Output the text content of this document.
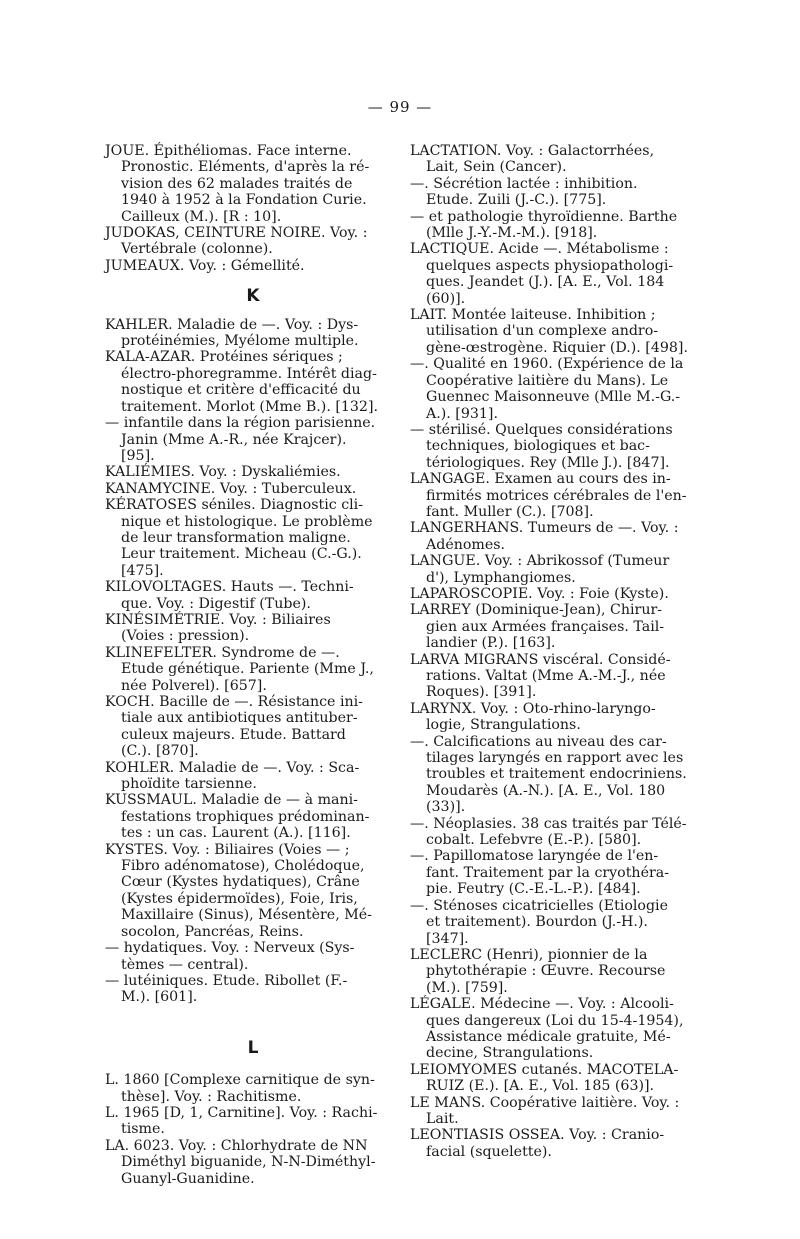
— 99 —
JOUE. Épithéliomas. Face interne.
Pronostic. Eléments, d'après la ré-
vision des 62 malades traités de
1940 à 1952 à la Fondation Curie.
Cailleux (M.). [R : 10].
JUDOKAS, CEINTURE NOIRE. Voy. :
Vertébrale (colonne).
JUMEAUX. Voy. : Gémellité.
K
KAHLER. Maladie de —. Voy. : Dys-
protéinémies, Myélome multiple.
KALA-AZAR. Protéines sériques ;
électro-phoregramme. Intérêt diag-
nostique et critère d'efficacité du
traitement. Morlot (Mme B.). [132].
— infantile dans la région parisienne.
Janin (Mme A.-R., née Krajcer).
[95].
KALIÉMIES. Voy. : Dyskaliémies.
KANAMYCINE. Voy. : Tuberculeux.
KÉRATOSES séniles. Diagnostic cli-
nique et histologique. Le problème
de leur transformation maligne.
Leur traitement. Micheau (C.-G.).
[475].
KILOVOLTAGES. Hauts —. Techni-
que. Voy. : Digestif (Tube).
KINÉSIMÉTRIE. Voy. : Biliaires
(Voies : pression).
KLINEFELTER. Syndrome de —.
Etude génétique. Pariente (Mme J.,
née Polverel). [657].
KOCH. Bacille de —. Résistance ini-
tiale aux antibiotiques antituber-
culeux majeurs. Etude. Battard
(C.). [870].
KOHLER. Maladie de —. Voy. : Sca-
phoïdite tarsienne.
KUSSMAUL. Maladie de — à mani-
festations trophiques prédominan-
tes : un cas. Laurent (A.). [116].
KYSTES. Voy. : Biliaires (Voies — ;
Fibro adénomatose), Cholédoque,
Cœur (Kystes hydatiques), Crâne
(Kystes épidermoïdes), Foie, Iris,
Maxillaire (Sinus), Mésentère, Mé-
socolon, Pancréas, Reins.
— hydatiques. Voy. : Nerveux (Sys-
tèmes — central).
— lutéiniques. Etude. Ribollet (F.-
M.). [601].
L
L. 1860 [Complexe carnitique de syn-
thèse]. Voy. : Rachitisme.
L. 1965 [D, 1, Carnitine]. Voy. : Rachi-
tisme.
LA. 6023. Voy. : Chlorhydrate de NN
Diméthyl biguanide, N-N-Diméthyl-
Guanyl-Guanidine.
LACTATION. Voy. : Galactorrhées,
Lait, Sein (Cancer).
—. Sécrétion lactée : inhibition.
Etude. Zuili (J.-C.). [775].
— et pathologie thyroïdienne. Barthe
(Mlle J.-Y.-M.-M.). [918].
LACTIQUE. Acide —. Métabolisme :
quelques aspects physiopathologi-
ques. Jeandet (J.). [A. E., Vol. 184
(60)].
LAIT. Montée laiteuse. Inhibition ;
utilisation d'un complexe andro-
gène-œstrogène. Riquier (D.). [498].
—. Qualité en 1960. (Expérience de la
Coopérative laitière du Mans). Le
Guennec Maisonneuve (Mlle M.-G.-
A.). [931].
— stérilisé. Quelques considérations
techniques, biologiques et bac-
tériologiques. Rey (Mlle J.). [847].
LANGAGE. Examen au cours des in-
firmités motrices cérébrales de l'en-
fant. Muller (C.). [708].
LANGERHANS. Tumeurs de —. Voy. :
Adénomes.
LANGUE. Voy. : Abrikossof (Tumeur
d'), Lymphangiomes.
LAPAROSCOPIE. Voy. : Foie (Kyste).
LARREY (Dominique-Jean), Chirur-
gien aux Armées françaises. Tail-
landier (P.). [163].
LARVA MIGRANS viscéral. Considé-
rations. Valtat (Mme A.-M.-J., née
Roques). [391].
LARYNX. Voy. : Oto-rhino-laryngo-
logie, Strangulations.
—. Calcifications au niveau des car-
tilages laryngés en rapport avec les
troubles et traitement endocriniens.
Moudarès (A.-N.). [A. E., Vol. 180
(33)].
—. Néoplasies. 38 cas traités par Télé-
cobalt. Lefebvre (E.-P.). [580].
—. Papillomatose laryngée de l'en-
fant. Traitement par la cryothéra-
pie. Feutry (C.-E.-L.-P.). [484].
—. Sténoses cicatricielles (Etiologie
et traitement). Bourdon (J.-H.).
[347].
LECLERC (Henri), pionnier de la
phytothérapie : Œuvre. Recourse
(M.). [759].
LÉGALE. Médecine —. Voy. : Alcooli-
ques dangereux (Loi du 15-4-1954),
Assistance médicale gratuite, Mé-
decine, Strangulations.
LEIOMYOMES cutanés. MACOTELA-
RUIZ (E.). [A. E., Vol. 185 (63)].
LE MANS. Coopérative laitière. Voy. :
Lait.
LEONTIASIS OSSEA. Voy. : Cranio-
facial (squelette).
